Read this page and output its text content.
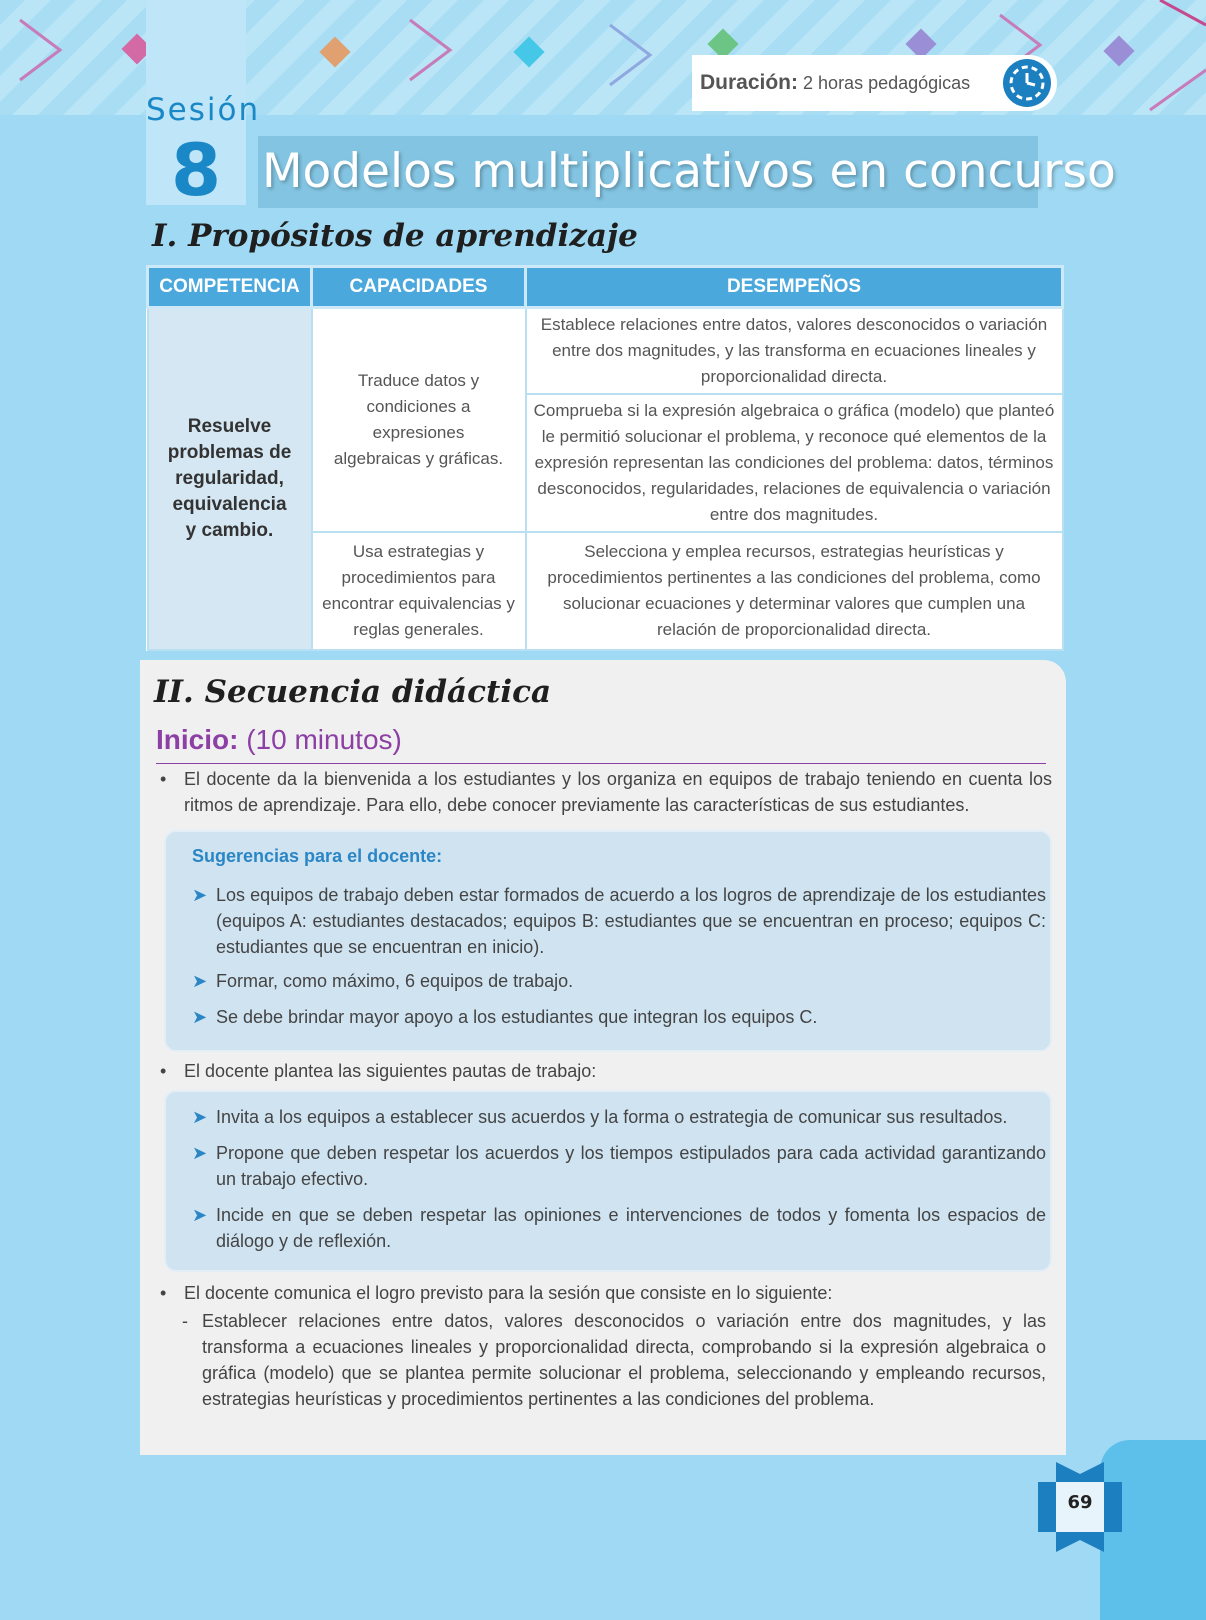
Sesión
8
Duración: 2 horas pedagógicas
Modelos multiplicativos en concurso
I. Propósitos de aprendizaje
COMPETENCIA	CAPACIDADES	DESEMPEÑOS
Resuelve problemas de regularidad, equivalencia y cambio.	Traduce datos y condiciones a expresiones algebraicas y gráficas.	Establece relaciones entre datos, valores desconocidos o variación entre dos magnitudes, y las transforma en ecuaciones lineales y proporcionalidad directa.
		Comprueba si la expresión algebraica o gráfica (modelo) que planteó le permitió solucionar el problema, y reconoce qué elementos de la expresión representan las condiciones del problema: datos, términos desconocidos, regularidades, relaciones de equivalencia o variación entre dos magnitudes.
	Usa estrategias y procedimientos para encontrar equivalencias y reglas generales.	Selecciona y emplea recursos, estrategias heurísticas y procedimientos pertinentes a las condiciones del problema, como solucionar ecuaciones y determinar valores que cumplen una relación de proporcionalidad directa.
II. Secuencia didáctica
Inicio: (10 minutos)
• El docente da la bienvenida a los estudiantes y los organiza en equipos de trabajo teniendo en cuenta los ritmos de aprendizaje. Para ello, debe conocer previamente las características de sus estudiantes.
Sugerencias para el docente:
➤ Los equipos de trabajo deben estar formados de acuerdo a los logros de aprendizaje de los estudiantes (equipos A: estudiantes destacados; equipos B: estudiantes que se encuentran en proceso; equipos C: estudiantes que se encuentran en inicio).
➤ Formar, como máximo, 6 equipos de trabajo.
➤ Se debe brindar mayor apoyo a los estudiantes que integran los equipos C.
• El docente plantea las siguientes pautas de trabajo:
➤ Invita a los equipos a establecer sus acuerdos y la forma o estrategia de comunicar sus resultados.
➤ Propone que deben respetar los acuerdos y los tiempos estipulados para cada actividad garantizando un trabajo efectivo.
➤ Incide en que se deben respetar las opiniones e intervenciones de todos y fomenta los espacios de diálogo y de reflexión.
• El docente comunica el logro previsto para la sesión que consiste en lo siguiente:
- Establecer relaciones entre datos, valores desconocidos o variación entre dos magnitudes, y las transforma a ecuaciones lineales y proporcionalidad directa, comprobando si la expresión algebraica o gráfica (modelo) que se plantea permite solucionar el problema, seleccionando y empleando recursos, estrategias heurísticas y procedimientos pertinentes a las condiciones del problema.
69
